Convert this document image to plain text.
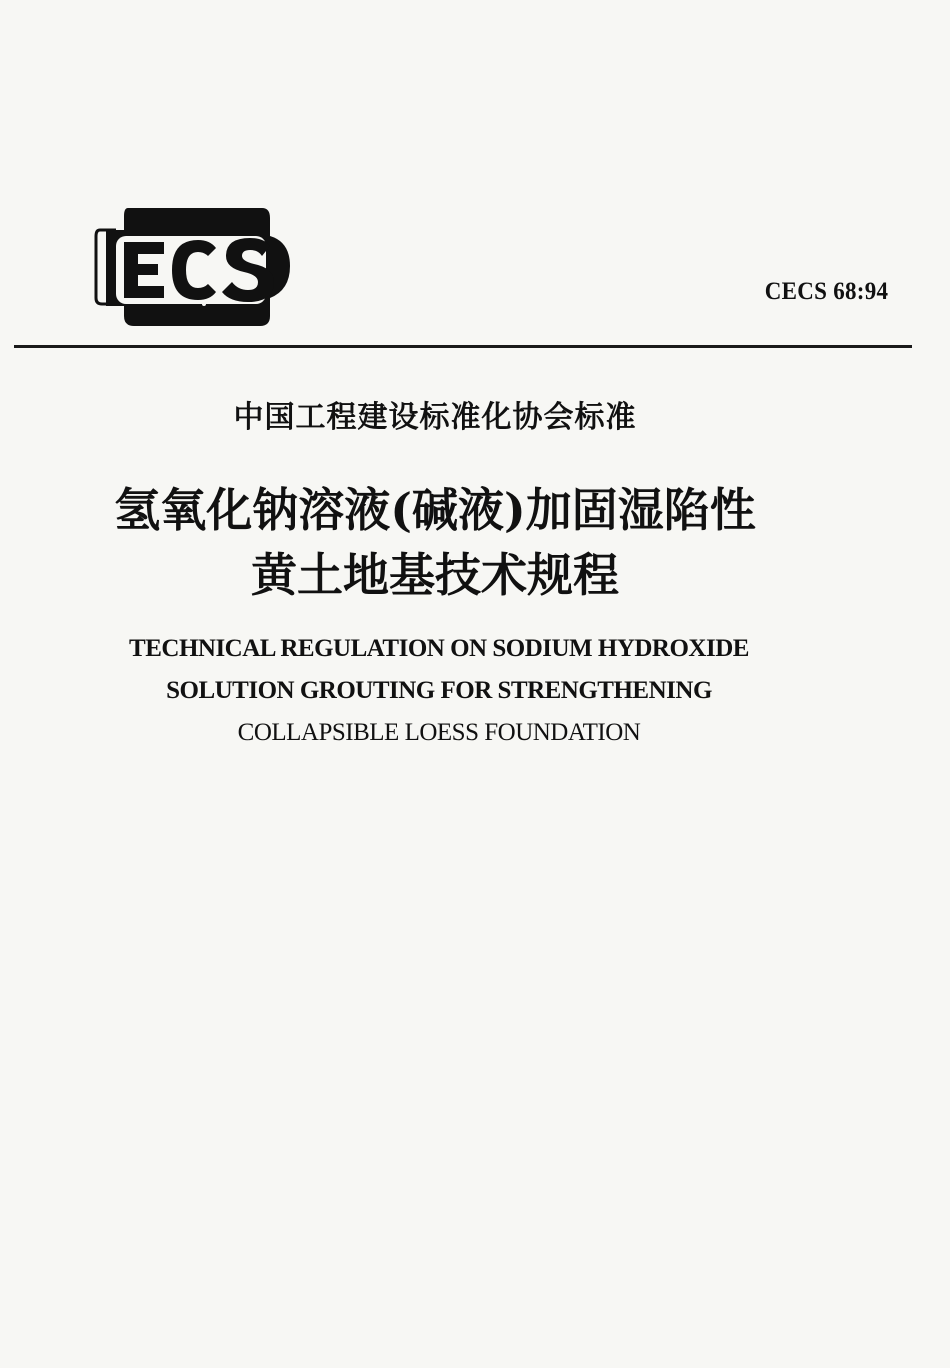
CECS 68:94
中国工程建设标准化协会标准
氢氧化钠溶液(碱液)加固湿陷性
黄土地基技术规程
TECHNICAL REGULATION ON SODIUM HYDROXIDE
SOLUTION GROUTING FOR STRENGTHENING
COLLAPSIBLE LOESS FOUNDATION
